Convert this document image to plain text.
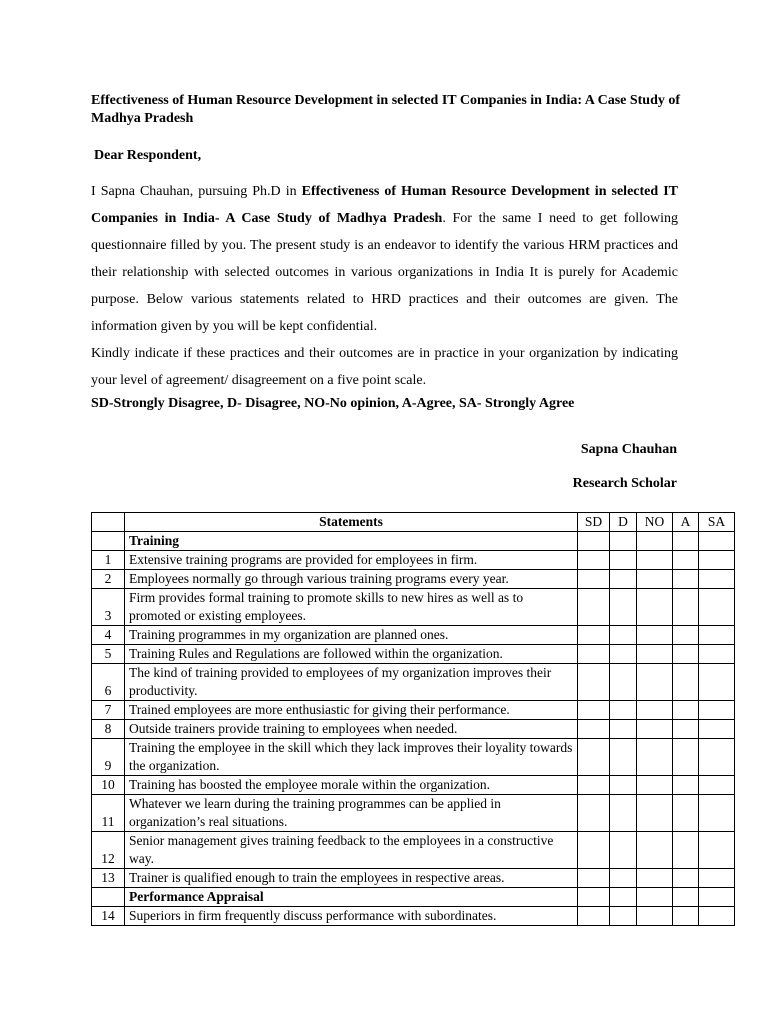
Effectiveness of Human Resource Development in selected IT Companies in India: A Case Study of Madhya Pradesh
Dear Respondent,

I Sapna Chauhan, pursuing Ph.D in Effectiveness of Human Resource Development in selected IT Companies in India- A Case Study of Madhya Pradesh. For the same I need to get following questionnaire filled by you. The present study is an endeavor to identify the various HRM practices and their relationship with selected outcomes in various organizations in India It is purely for Academic purpose. Below various statements related to HRD practices and their outcomes are given. The information given by you will be kept confidential.

Kindly indicate if these practices and their outcomes are in practice in your organization by indicating your level of agreement/ disagreement on a five point scale.

SD-Strongly Disagree, D- Disagree, NO-No opinion, A-Agree, SA- Strongly Agree
Sapna Chauhan
Research Scholar
	Statements	SD	D	NO	A	SA
	Training					
1	Extensive training programs are provided for employees in firm.					
2	Employees normally go through various training programs every year.					
3	Firm provides formal training to promote skills to new hires as well as to promoted or existing employees.					
4	Training programmes in my organization are planned ones.					
5	Training Rules and Regulations are followed within the organization.					
6	The kind of training provided to employees of my organization improves their productivity.					
7	Trained employees are more enthusiastic for giving their performance.					
8	Outside trainers provide training to employees when needed.					
9	Training the employee in the skill which they lack improves their loyality towards the organization.					
10	Training has boosted the employee morale within the organization.					
11	Whatever we learn during the training programmes can be applied in organization’s real situations.					
12	Senior management gives training feedback to the employees in a constructive way.					
13	Trainer is qualified enough to train the employees in respective areas.					
	Performance Appraisal					
14	Superiors in firm frequently discuss performance with subordinates.					
